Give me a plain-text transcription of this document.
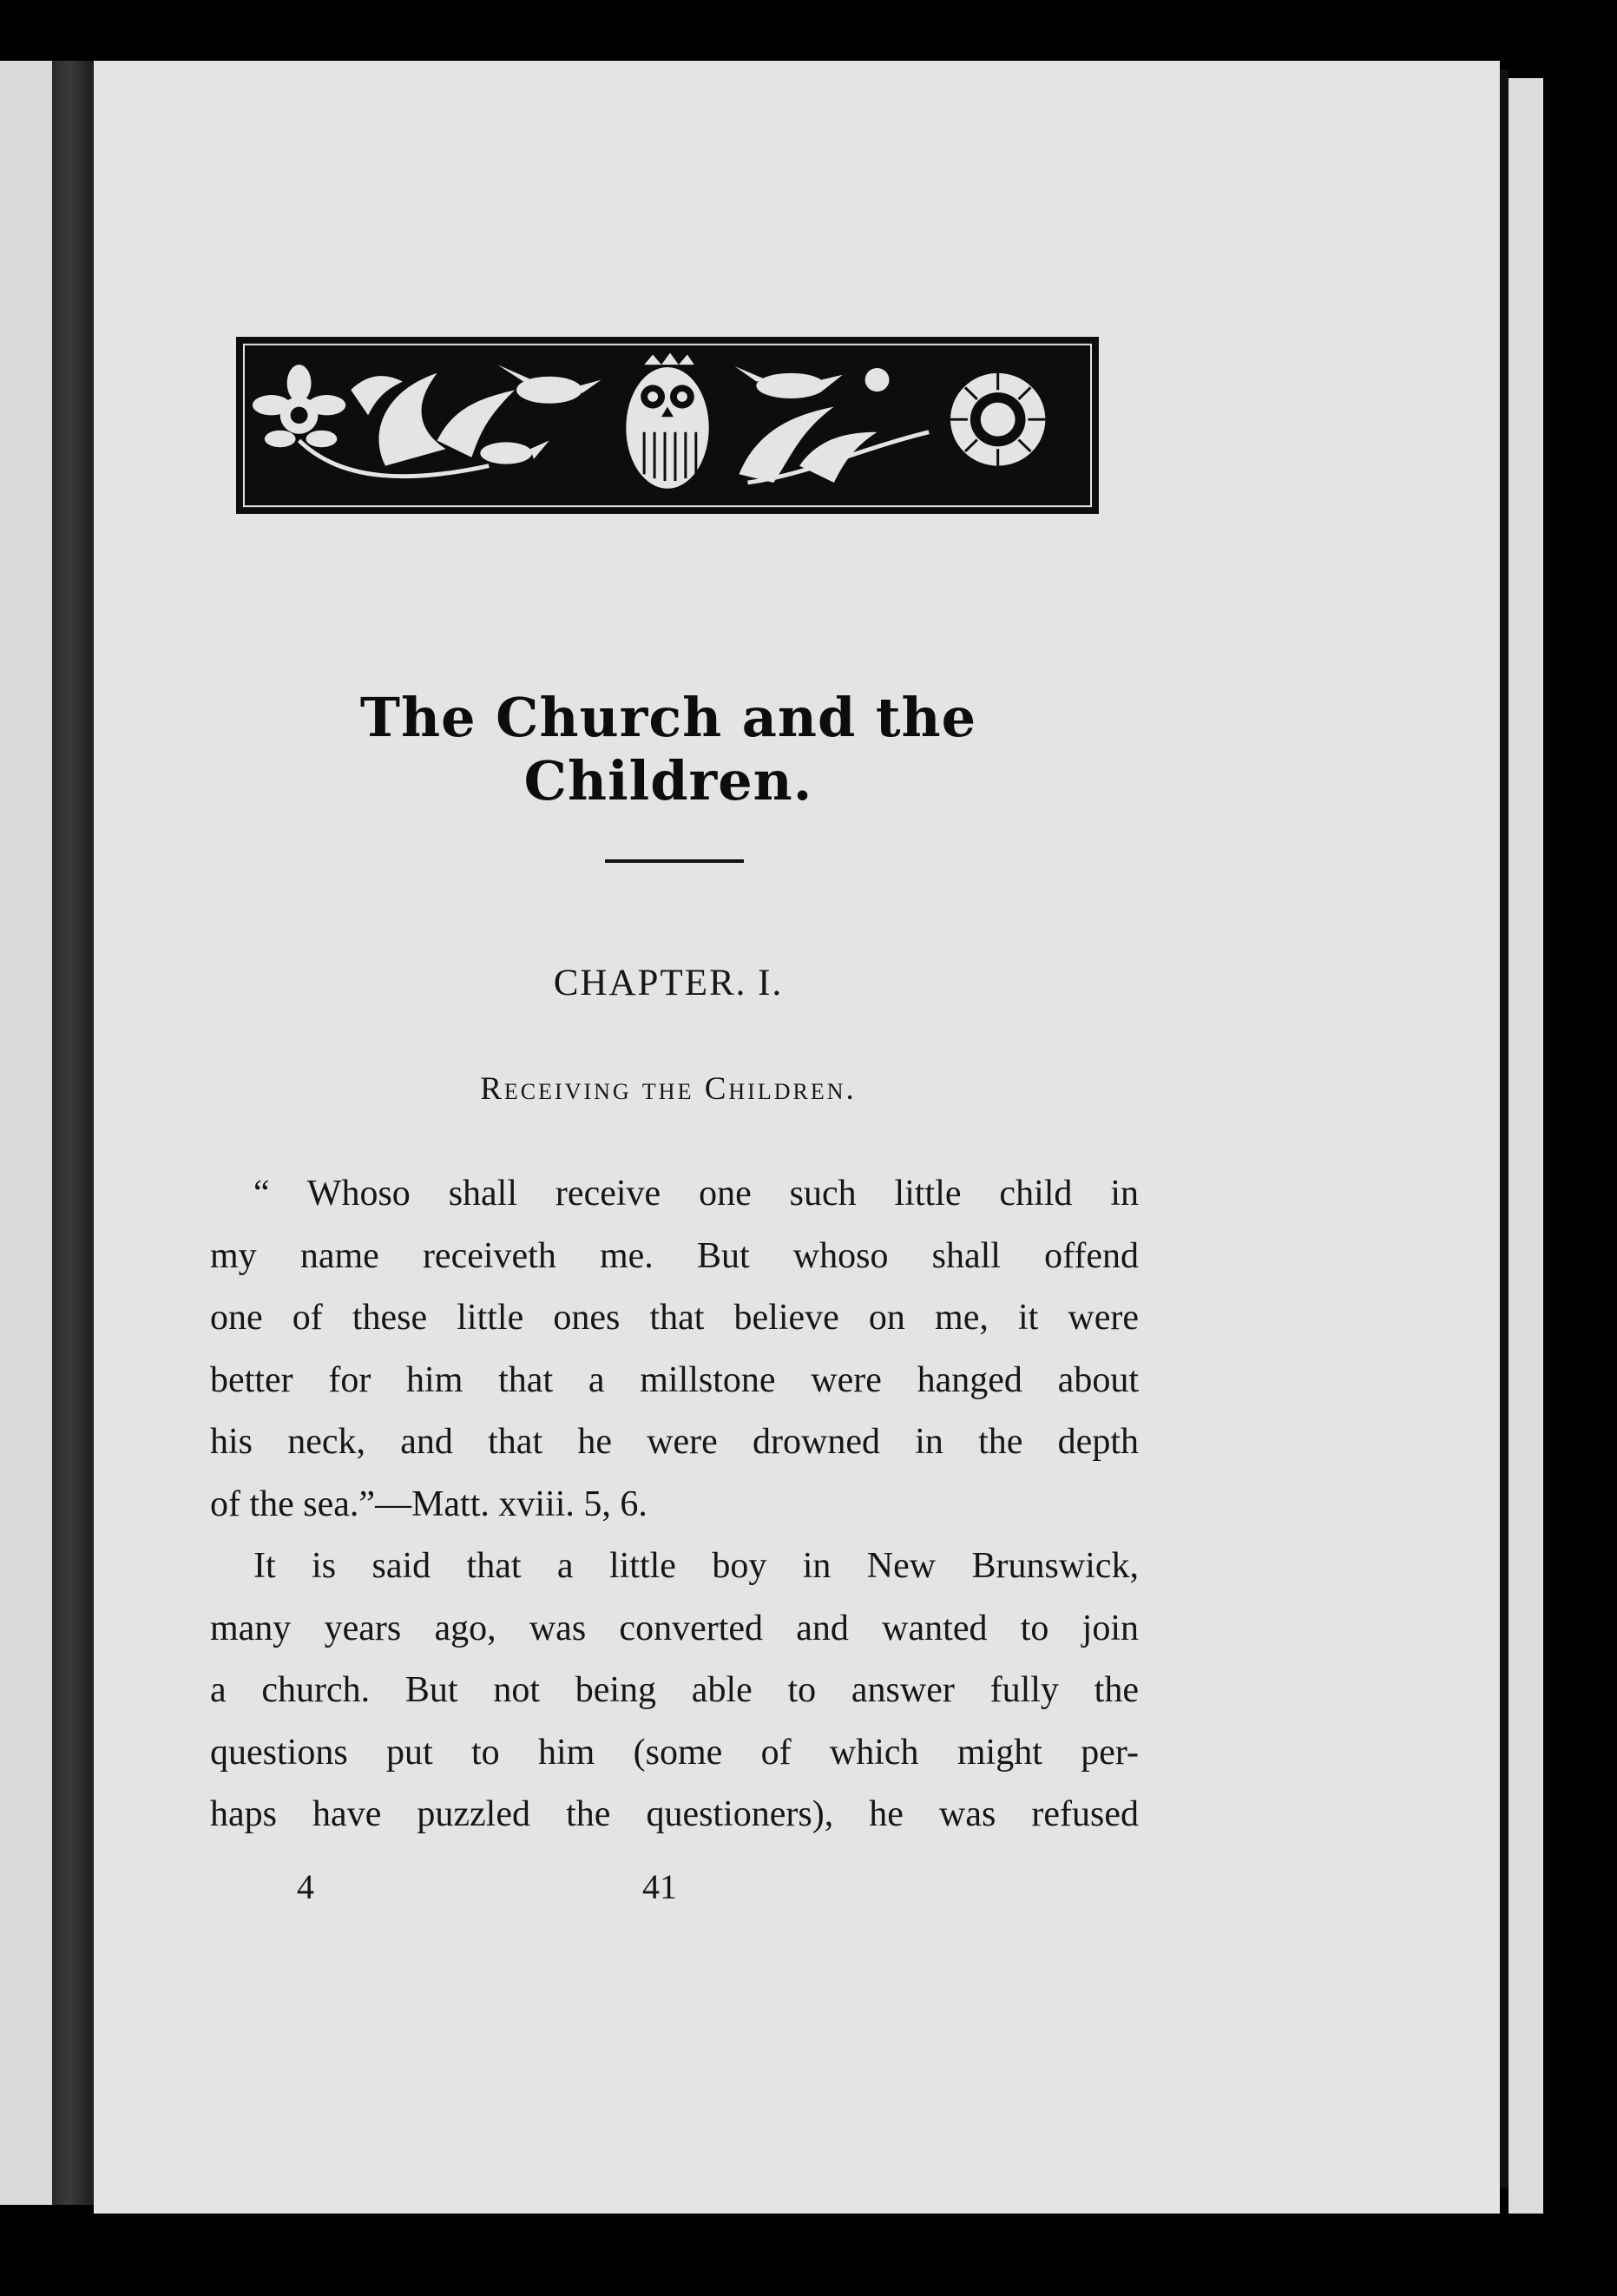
The Church and the Children.
CHAPTER. I.
Receiving the Children.
“ Whoso shall receive one such little child in
my name receiveth me. But whoso shall offend
one of these little ones that believe on me, it were
better for him that a millstone were hanged about
his neck, and that he were drowned in the depth
of the sea.”—Matt. xviii. 5, 6.
It is said that a little boy in New Brunswick,
many years ago, was converted and wanted to join
a church. But not being able to answer fully the
questions put to him (some of which might per-
haps have puzzled the questioners), he was refused
4	41
